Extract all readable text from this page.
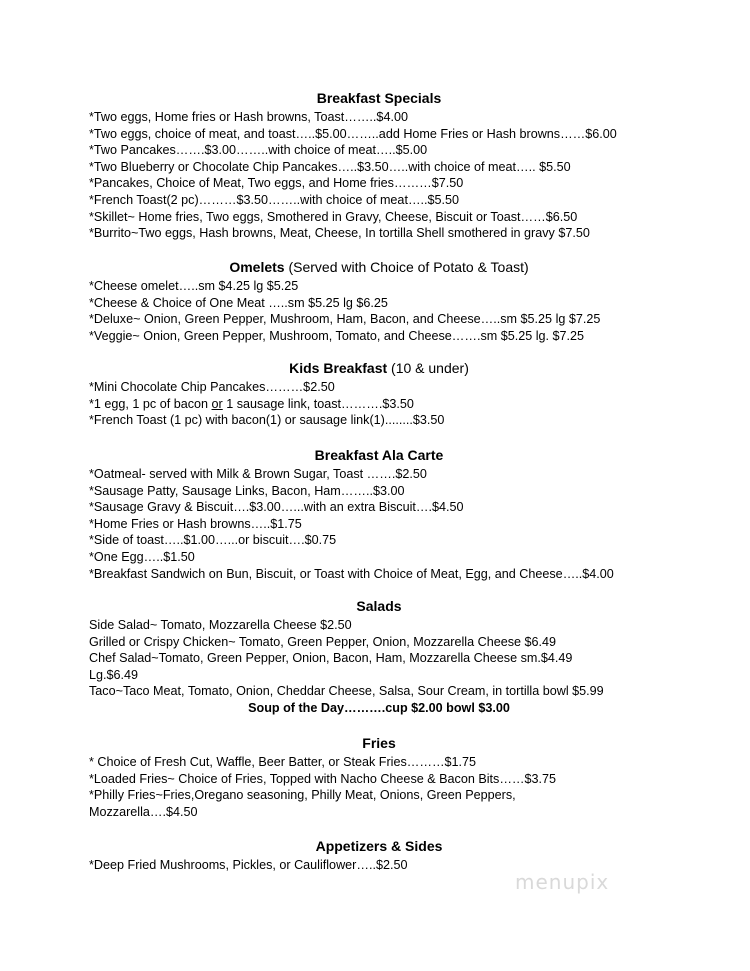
Breakfast Specials
*Two eggs, Home fries or Hash browns, Toast……..$4.00
*Two eggs, choice of meat, and toast…..$5.00……..add Home Fries or Hash browns……$6.00
*Two Pancakes…….$3.00……..with choice of meat…..$5.00
*Two Blueberry or Chocolate Chip Pancakes…..$3.50…..with choice of meat….. $5.50
*Pancakes, Choice of Meat, Two eggs, and Home fries………$7.50
*French Toast(2 pc)………$3.50……..with choice of meat…..$5.50
*Skillet~ Home fries, Two eggs, Smothered in Gravy, Cheese, Biscuit or Toast……$6.50
*Burrito~Two eggs, Hash browns, Meat, Cheese, In tortilla Shell smothered in gravy $7.50
Omelets (Served with Choice of Potato & Toast)
*Cheese omelet…..sm $4.25 lg $5.25
*Cheese & Choice of One Meat …..sm $5.25 lg $6.25
*Deluxe~ Onion, Green Pepper, Mushroom, Ham, Bacon, and Cheese…..sm $5.25 lg $7.25
*Veggie~ Onion, Green Pepper, Mushroom, Tomato, and Cheese…….sm $5.25 lg. $7.25
Kids Breakfast (10 & under)
*Mini Chocolate Chip Pancakes………$2.50
*1 egg, 1 pc of bacon or 1 sausage link, toast……….$3.50
*French Toast (1 pc) with bacon(1) or sausage link(1)........$3.50
Breakfast Ala Carte
*Oatmeal- served with Milk & Brown Sugar, Toast …….$2.50
*Sausage Patty, Sausage Links, Bacon, Ham……..$3.00
*Sausage Gravy & Biscuit….$3.00…...with an extra Biscuit….$4.50
*Home Fries or Hash browns…..$1.75
*Side of toast…..$1.00…...or biscuit….$0.75
*One Egg…..$1.50
*Breakfast Sandwich on Bun, Biscuit, or Toast with Choice of Meat, Egg, and Cheese…..$4.00
Salads
Side Salad~ Tomato, Mozzarella Cheese $2.50
Grilled or Crispy Chicken~ Tomato, Green Pepper, Onion, Mozzarella Cheese $6.49
Chef Salad~Tomato, Green Pepper, Onion, Bacon, Ham, Mozzarella Cheese sm.$4.49
Lg.$6.49
Taco~Taco Meat, Tomato, Onion, Cheddar Cheese, Salsa, Sour Cream, in tortilla bowl $5.99
Soup of the Day……….cup $2.00 bowl $3.00
Fries
* Choice of Fresh Cut, Waffle, Beer Batter, or Steak Fries………$1.75
*Loaded Fries~ Choice of Fries, Topped with Nacho Cheese & Bacon Bits……$3.75
*Philly Fries~Fries,Oregano seasoning, Philly Meat, Onions, Green Peppers,
Mozzarella….$4.50
Appetizers & Sides
*Deep Fried Mushrooms, Pickles, or Cauliflower…..$2.50
menupix
